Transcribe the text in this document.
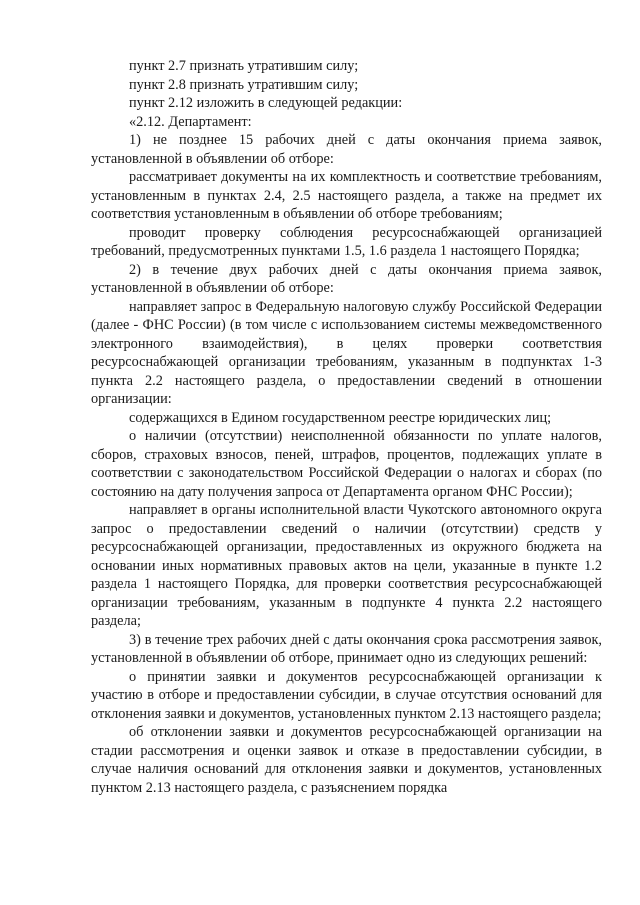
пункт 2.7 признать утратившим силу;

пункт 2.8 признать утратившим силу;

пункт 2.12 изложить в следующей редакции:

«2.12. Департамент:

1) не позднее 15 рабочих дней с даты окончания приема заявок, установленной в объявлении об отборе:

рассматривает документы на их комплектность и соответствие требованиям, установленным в пунктах 2.4, 2.5 настоящего раздела, а также на предмет их соответствия установленным в объявлении об отборе требованиям;

проводит проверку соблюдения ресурсоснабжающей организацией требований, предусмотренных пунктами 1.5, 1.6 раздела 1 настоящего Порядка;

2) в течение двух рабочих дней с даты окончания приема заявок, установленной в объявлении об отборе:

направляет запрос в Федеральную налоговую службу Российской Федерации (далее - ФНС России) (в том числе с использованием системы межведомственного электронного взаимодействия), в целях проверки соответствия ресурсоснабжающей организации требованиям, указанным в подпунктах 1-3 пункта 2.2 настоящего раздела, о предоставлении сведений в отношении организации:

содержащихся в Едином государственном реестре юридических лиц;

о наличии (отсутствии) неисполненной обязанности по уплате налогов, сборов, страховых взносов, пеней, штрафов, процентов, подлежащих уплате в соответствии с законодательством Российской Федерации о налогах и сборах (по состоянию на дату получения запроса от Департамента органом ФНС России);

направляет в органы исполнительной власти Чукотского автономного округа запрос о предоставлении сведений о наличии (отсутствии) средств у ресурсоснабжающей организации, предоставленных из окружного бюджета на основании иных нормативных правовых актов на цели, указанные в пункте 1.2 раздела 1 настоящего Порядка, для проверки соответствия ресурсоснабжающей организации требованиям, указанным в подпункте 4 пункта 2.2 настоящего раздела;

3) в течение трех рабочих дней с даты окончания срока рассмотрения заявок, установленной в объявлении об отборе, принимает одно из следующих решений:

о принятии заявки и документов ресурсоснабжающей организации к участию в отборе и предоставлении субсидии, в случае отсутствия оснований для отклонения заявки и документов, установленных пунктом 2.13 настоящего раздела;

об отклонении заявки и документов ресурсоснабжающей организации на стадии рассмотрения и оценки заявок и отказе в предоставлении субсидии, в случае наличия оснований для отклонения заявки и документов, установленных пунктом 2.13 настоящего раздела, с разъяснением порядка
